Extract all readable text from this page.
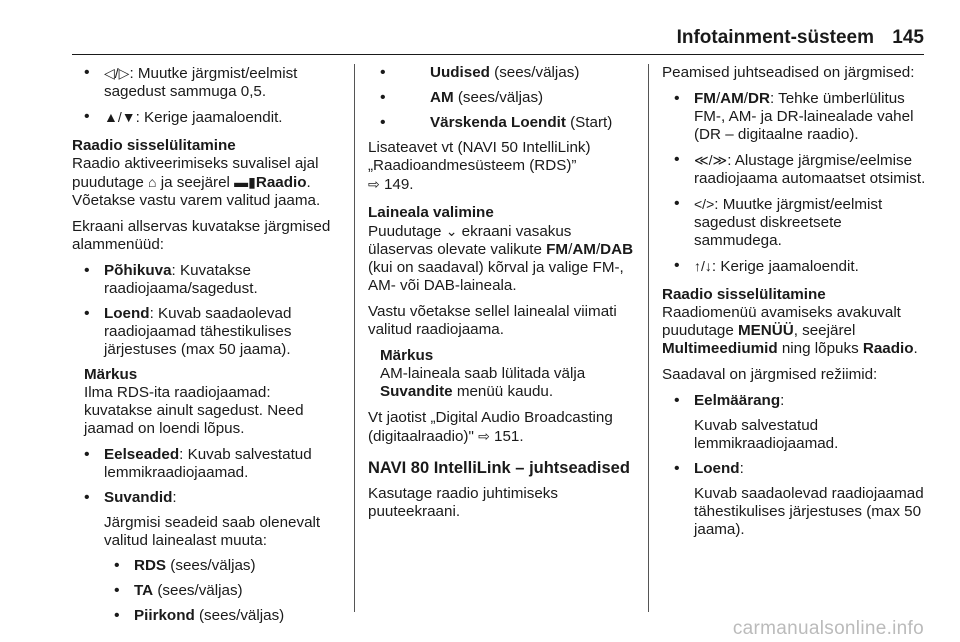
Infotainment-süsteem 145
• ◁/▷: Muutke järgmist/eelmist sagedust sammuga 0,5.
• ▲/▼: Kerige jaamaloendit.
Raadio sisselülitamine
Raadio aktiveerimiseks suvalisel ajal puudutage ⌂ ja seejärel ▬▮Raadio.
Võetakse vastu varem valitud jaama.
Ekraani allservas kuvatakse järgmised alammenüüd:
• Põhikuva: Kuvatakse raadiojaama/sagedust.
• Loend: Kuvab saadaolevad raadiojaamad tähestikulises järjestuses (max 50 jaama).
Märkus
Ilma RDS-ita raadiojaamad: kuvatakse ainult sagedust. Need jaamad on loendi lõpus.
• Eelseaded: Kuvab salvestatud lemmikraadiojaamad.
• Suvandid:
Järgmisi seadeid saab olenevalt valitud lainealast muuta:
• RDS (sees/väljas)
• TA (sees/väljas)
• Piirkond (sees/väljas)
• Uudised (sees/väljas)
• AM (sees/väljas)
• Värskenda Loendit (Start)
Lisateavet vt (NAVI 50 IntelliLink) „Raadioandmesüsteem (RDS)”
⇨ 149.
Laineala valimine
Puudutage ⌄ ekraani vasakus ülaservas olevate valikute FM/AM/DAB (kui on saadaval) kõrval ja valige FM-, AM- või DAB-laineala.
Vastu võetakse sellel lainealal viimati valitud raadiojaama.
Märkus
AM-laineala saab lülitada välja Suvandite menüü kaudu.
Vt jaotist „Digital Audio Broadcasting (digitaalraadio)" ⇨ 151.
NAVI 80 IntelliLink – juhtseadised
Kasutage raadio juhtimiseks puuteekraani.
Peamised juhtseadised on järgmised:
• FM/AM/DR: Tehke ümberlülitus FM-, AM- ja DR-lainealade vahel (DR – digitaalne raadio).
• ≪/≫: Alustage järgmise/eelmise raadiojaama automaatset otsimist.
• </>: Muutke järgmist/eelmist sagedust diskreetsete sammudega.
• ↑/↓: Kerige jaamaloendit.
Raadio sisselülitamine
Raadiomenüü avamiseks avakuvalt puudutage MENÜÜ, seejärel Multimeediumid ning lõpuks Raadio.
Saadaval on järgmised režiimid:
• Eelmäärang:
Kuvab salvestatud lemmikraadiojaamad.
• Loend:
Kuvab saadaolevad raadiojaamad tähestikulises järjestuses (max 50 jaama).
carmanualsonline.info
